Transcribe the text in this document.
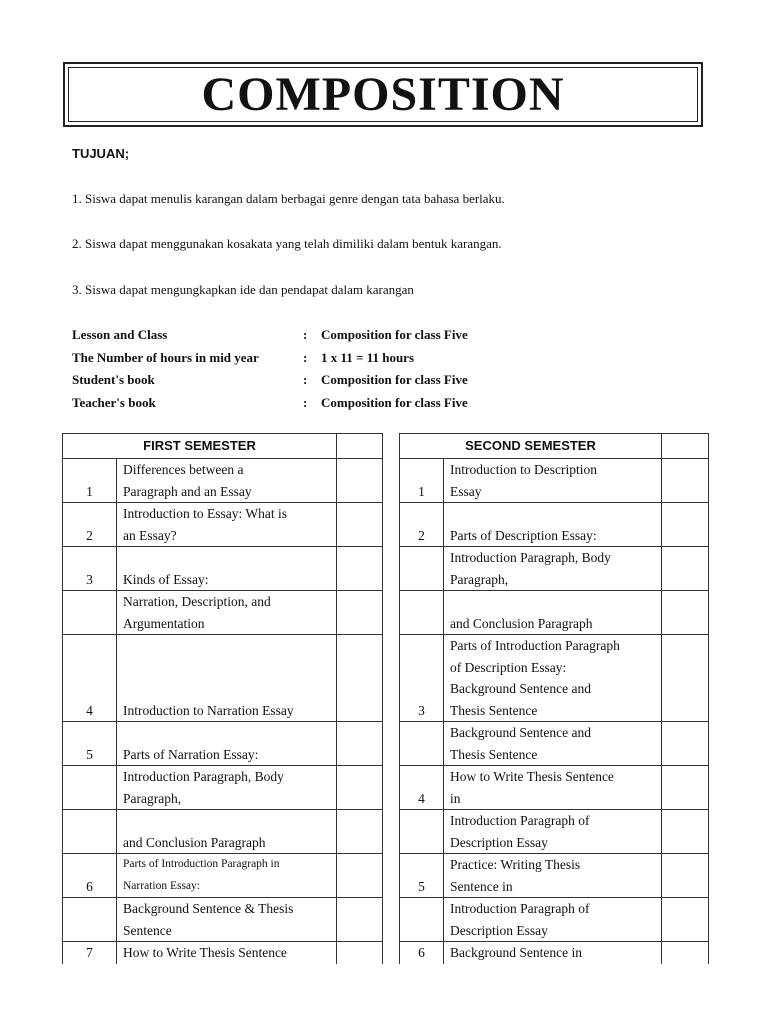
COMPOSITION
TUJUAN;
1. Siswa dapat menulis karangan dalam berbagai genre dengan tata bahasa berlaku.
2. Siswa dapat menggunakan kosakata yang telah dimiliki dalam bentuk karangan.
3. Siswa dapat mengungkapkan ide dan pendapat dalam karangan
Lesson and Class	: Composition for class Five
The Number of hours in mid year	: 1 x 11 = 11 hours
Student's book	: Composition for class Five
Teacher's book	: Composition for class Five
FIRST SEMESTER		
1	Differences between a
Paragraph and an Essay	

2	Introduction to Essay: What is
an Essay?	

3	Kinds of Essay:	

	Narration, Description, and
Argumentation	

4	Introduction to Narration Essay	

5	Parts of Narration Essay:	

	Introduction Paragraph, Body
Paragraph,	

	and Conclusion Paragraph	

6	Parts of Introduction Paragraph in
Narration Essay:	

	Background Sentence & Thesis
Sentence	

7	How to Write Thesis Sentence	

SECOND SEMESTER		
1	Introduction to Description
Essay	

2	Parts of Description Essay:	

	Introduction Paragraph, Body
Paragraph,	

	and Conclusion Paragraph	

3	Parts of Introduction Paragraph
of Description Essay:
Background Sentence and
Thesis Sentence	

	Background Sentence and
Thesis Sentence	

4	How to Write Thesis Sentence
in	

	Introduction Paragraph of
Description Essay	

5	Practice: Writing Thesis
Sentence in	

	Introduction Paragraph of
Description Essay	

6	Background Sentence in	
